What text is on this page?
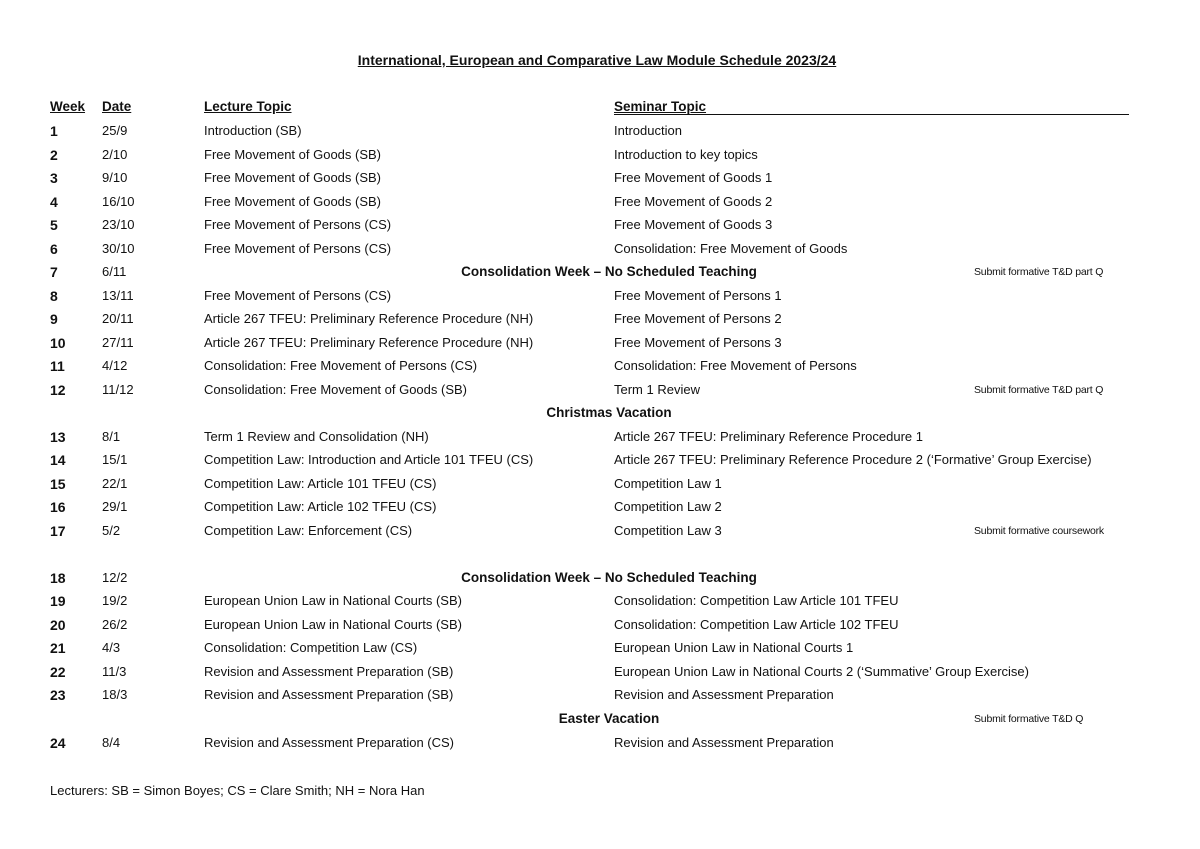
International, European and Comparative Law Module Schedule 2023/24
Week Date	Lecture Topic	Seminar Topic
1	25/9	Introduction (SB)	Introduction
2	2/10	Free Movement of Goods (SB)	Introduction to key topics
3	9/10	Free Movement of Goods (SB)	Free Movement of Goods 1
4	16/10	Free Movement of Goods (SB)	Free Movement of Goods 2
5	23/10	Free Movement of Persons (CS)	Free Movement of Goods 3
6	30/10	Free Movement of Persons (CS)	Consolidation: Free Movement of Goods
7	6/11	Consolidation Week – No Scheduled Teaching	Submit formative T&D part Q
8	13/11	Free Movement of Persons (CS)	Free Movement of Persons 1
9	20/11	Article 267 TFEU: Preliminary Reference Procedure (NH)	Free Movement of Persons 2
10	27/11	Article 267 TFEU: Preliminary Reference Procedure (NH)	Free Movement of Persons 3
11	4/12	Consolidation: Free Movement of Persons (CS)	Consolidation: Free Movement of Persons
12	11/12	Consolidation: Free Movement of Goods (SB)	Term 1 Review	Submit formative T&D part Q
Christmas Vacation
13	8/1	Term 1 Review and Consolidation (NH)	Article 267 TFEU: Preliminary Reference Procedure 1
14	15/1	Competition Law: Introduction and Article 101 TFEU (CS)	Article 267 TFEU: Preliminary Reference Procedure 2 (‘Formative’ Group Exercise)
15	22/1	Competition Law: Article 101 TFEU (CS)	Competition Law 1
16	29/1	Competition Law: Article 102 TFEU (CS)	Competition Law 2
17	5/2	Competition Law: Enforcement (CS)	Competition Law 3	Submit formative coursework
18	12/2	Consolidation Week – No Scheduled Teaching
19	19/2	European Union Law in National Courts (SB)	Consolidation: Competition Law Article 101 TFEU
20	26/2	European Union Law in National Courts (SB)	Consolidation: Competition Law Article 102 TFEU
21	4/3	Consolidation: Competition Law (CS)	European Union Law in National Courts 1
22	11/3	Revision and Assessment Preparation (SB)	European Union Law in National Courts 2 (‘Summative’ Group Exercise)
23	18/3	Revision and Assessment Preparation (SB)	Revision and Assessment Preparation
Easter Vacation	Submit formative T&D Q
24	8/4	Revision and Assessment Preparation (CS)	Revision and Assessment Preparation
Lecturers: SB = Simon Boyes; CS = Clare Smith; NH = Nora Han
